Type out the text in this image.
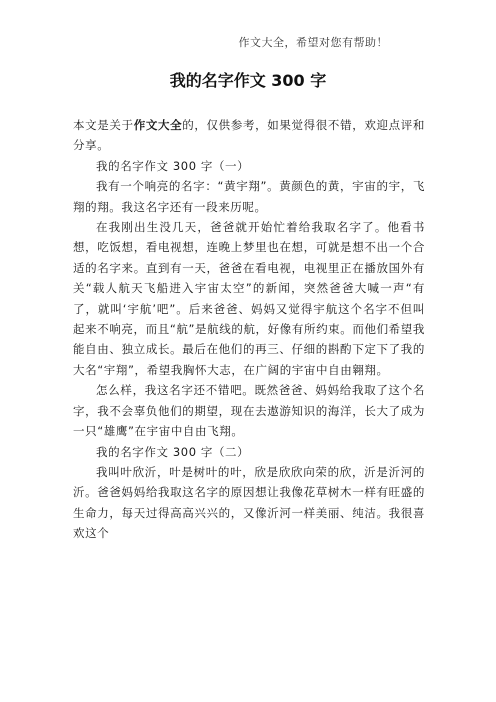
作文大全，希望对您有帮助！
我的名字作文 300 字

本文是关于作文大全的，仅供参考，如果觉得很不错，欢迎点评和分享。

我的名字作文 300 字（一）

我有一个响亮的名字：“黄宇翔”。黄颜色的黄，宇宙的宇，飞翔的翔。我这名字还有一段来历呢。

在我刚出生没几天，爸爸就开始忙着给我取名字了。他看书想，吃饭想，看电视想，连晚上梦里也在想，可就是想不出一个合适的名字来。直到有一天，爸爸在看电视，电视里正在播放国外有关“载人航天飞船进入宇宙太空”的新闻，突然爸爸大喊一声“有了，就叫‘宇航’吧”。后来爸爸、妈妈又觉得宇航这个名字不但叫起来不响亮，而且“航”是航线的航，好像有所约束。而他们希望我能自由、独立成长。最后在他们的再三、仔细的斟酌下定下了我的大名“宇翔”，希望我胸怀大志，在广阔的宇宙中自由翱翔。

怎么样，我这名字还不错吧。既然爸爸、妈妈给我取了这个名字，我不会辜负他们的期望，现在去遨游知识的海洋，长大了成为一只“雄鹰”在宇宙中自由飞翔。

我的名字作文 300 字（二）

我叫叶欣沂，叶是树叶的叶，欣是欣欣向荣的欣，沂是沂河的沂。爸爸妈妈给我取这名字的原因想让我像花草树木一样有旺盛的生命力，每天过得高高兴兴的，又像沂河一样美丽、纯洁。我很喜欢这个
